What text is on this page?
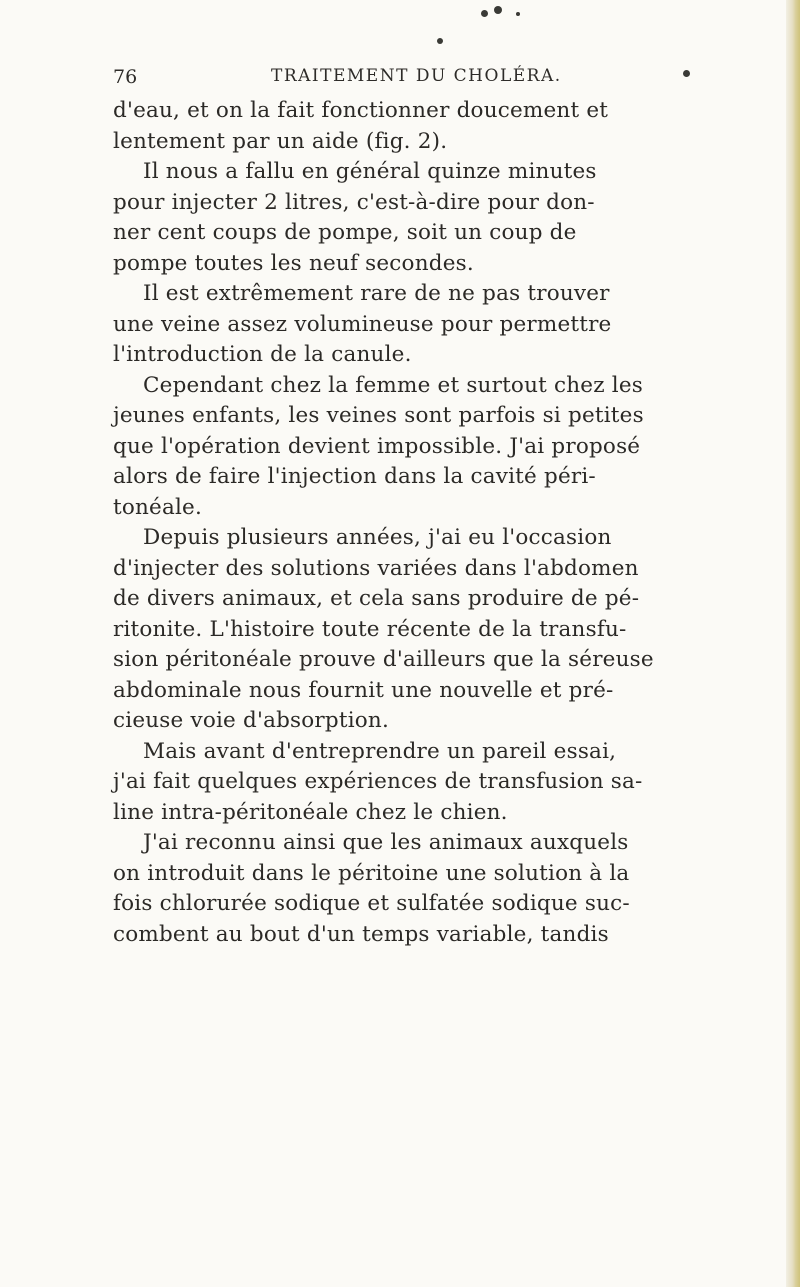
76	TRAITEMENT DU CHOLÉRA.
d'eau, et on la fait fonctionner doucement et
lentement par un aide (fig. 2).
Il nous a fallu en général quinze minutes
pour injecter 2 litres, c'est-à-dire pour don-
ner cent coups de pompe, soit un coup de
pompe toutes les neuf secondes.
Il est extrêmement rare de ne pas trouver
une veine assez volumineuse pour permettre
l'introduction de la canule.
Cependant chez la femme et surtout chez les
jeunes enfants, les veines sont parfois si petites
que l'opération devient impossible. J'ai proposé
alors de faire l'injection dans la cavité péri-
tonéale.
Depuis plusieurs années, j'ai eu l'occasion
d'injecter des solutions variées dans l'abdomen
de divers animaux, et cela sans produire de pé-
ritonite. L'histoire toute récente de la transfu-
sion péritonéale prouve d'ailleurs que la séreuse
abdominale nous fournit une nouvelle et pré-
cieuse voie d'absorption.
Mais avant d'entreprendre un pareil essai,
j'ai fait quelques expériences de transfusion sa-
line intra-péritonéale chez le chien.
J'ai reconnu ainsi que les animaux auxquels
on introduit dans le péritoine une solution à la
fois chlorurée sodique et sulfatée sodique suc-
combent au bout d'un temps variable, tandis
